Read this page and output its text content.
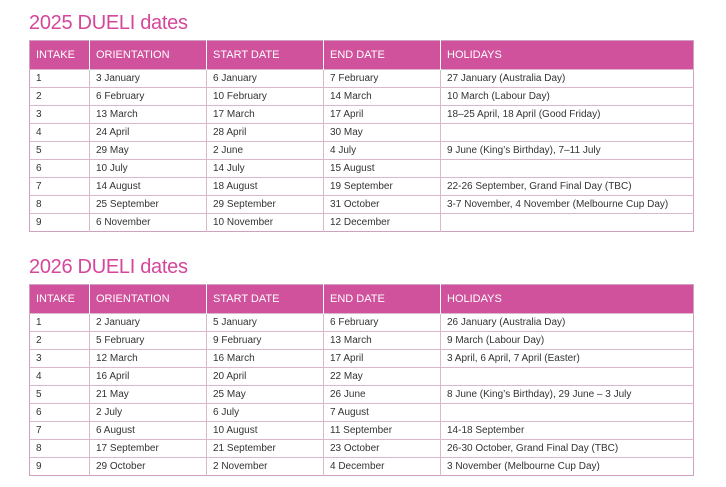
2025 DUELI dates
INTAKE	ORIENTATION	START DATE	END DATE	HOLIDAYS
1	3 January	6 January	7 February	27 January (Australia Day)
2	6 February	10 February	14 March	10 March (Labour Day)
3	13 March	17 March	17 April	18–25 April, 18 April (Good Friday)
4	24 April	28 April	30 May	
5	29 May	2 June	4 July	9 June (King’s Birthday), 7–11 July
6	10 July	14 July	15 August	
7	14 August	18 August	19 September	22-26 September, Grand Final Day (TBC)
8	25 September	29 September	31 October	3-7 November, 4 November (Melbourne Cup Day)
9	6 November	10 November	12 December	
2026 DUELI dates
INTAKE	ORIENTATION	START DATE	END DATE	HOLIDAYS
1	2 January	5 January	6 February	26 January (Australia Day)
2	5 February	9 February	13 March	9 March (Labour Day)
3	12 March	16 March	17 April	3 April, 6 April, 7 April (Easter)
4	16 April	20 April	22 May	
5	21 May	25 May	26 June	8 June (King’s Birthday), 29 June – 3 July
6	2 July	6 July	7 August	
7	6 August	10 August	11 September	14-18 September
8	17 September	21 September	23 October	26-30 October, Grand Final Day (TBC)
9	29 October	2 November	4 December	3 November (Melbourne Cup Day)
